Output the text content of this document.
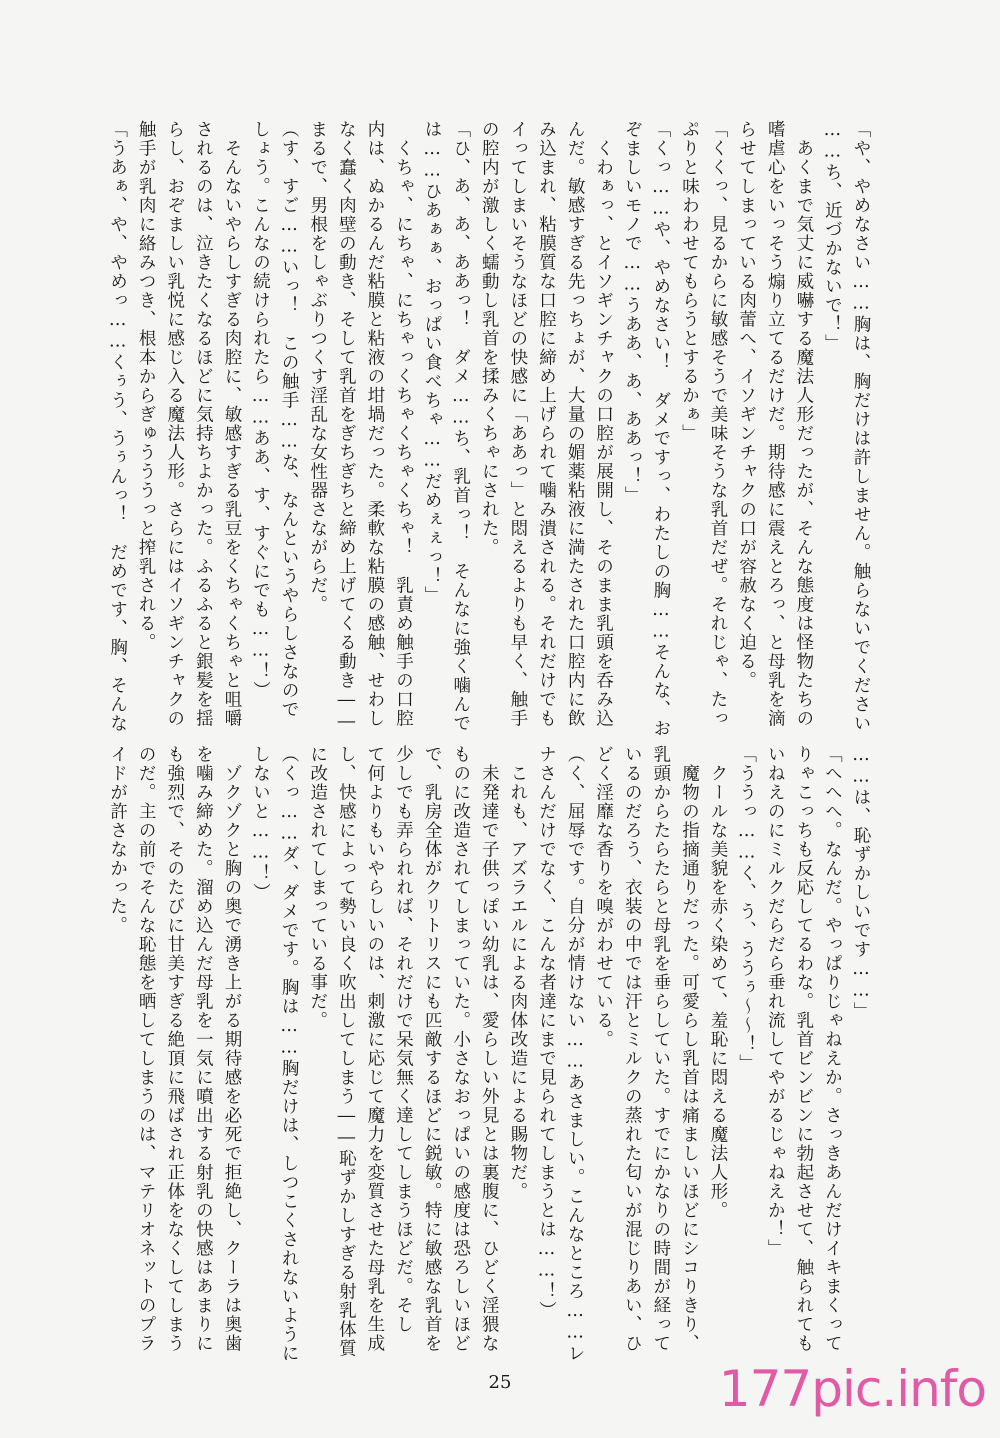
「や、やめなさい……胸は、胸だけは許しません。触らないでください

……ち、近づかないで！」

　あくまで気丈に威嚇する魔法人形だったが、そんな態度は怪物たちの

嗜虐心をいっそう煽り立てるだけだ。期待感に震えとろっ、と母乳を滴

らせてしまっている肉蕾へ、イソギンチャクの口が容赦なく迫る。

「くくっ、見るからに敏感そうで美味そうな乳首だぜ。それじゃ、たっ

ぷりと味わわせてもらうとするかぁ」

「くっ……や、やめなさい！　ダメですっ、わたしの胸……そんな、お

ぞましいモノで……うああ、あ、ああっ！」

　くわぁっ、とイソギンチャクの口腔が展開し、そのまま乳頭を呑み込

んだ。敏感すぎる先っちょが、大量の媚薬粘液に満たされた口腔内に飲

み込まれ、粘膜質な口腔に締め上げられて噛み潰される。それだけでも

イってしまいそうなほどの快感に「ああっ」と悶えるよりも早く、触手

の腔内が激しく蠕動し乳首を揉みくちゃにされた。

「ひ、あ、あ、ああっ！　ダメ……ち、乳首っ！　そんなに強く噛んで

は……ひあぁぁ、おっぱい食べちゃ……だめぇぇっ！」

　くちゃ、にちゃ、にちゃっくちゃくちゃくちゃ！　乳責め触手の口腔

内は、ぬかるんだ粘膜と粘液の坩堝だった。柔軟な粘膜の感触、せわし

なく蠢く肉壁の動き、そして乳首をぎちぎちと締め上げてくる動き――

まるで、男根をしゃぶりつくす淫乱な女性器さながらだ。

（す、すご……いっ！　この触手……な、なんというやらしさなので

しょう。こんなの続けられたら……ああ、す、すぐにでも……！）

　そんないやらしすぎる肉腔に、敏感すぎる乳豆をくちゃくちゃと咀嚼

されるのは、泣きたくなるほどに気持ちよかった。ふるふると銀髪を揺

らし、おぞましい乳悦に感じ入る魔法人形。さらにはイソギンチャクの

触手が乳肉に絡みつき、根本からぎゅうううっと搾乳される。

「うあぁ、や、やめっ……くぅう、うぅんっ！　だめです、胸、そんな

……は、恥ずかしいです……」

「へへへ。なんだ。やっぱりじゃねえか。さっきあんだけイキまくって

りゃこっちも反応してるわな。乳首ビンビンに勃起させて、触られても

いねえのにミルクだらだら垂れ流してやがるじゃねえか！」

「ううっ……く、う、ううぅ～～！」

　クールな美貌を赤く染めて、羞恥に悶える魔法人形。

　魔物の指摘通りだった。可愛らし乳首は痛ましいほどにシコりきり、

乳頭からたらたらと母乳を垂らしていた。すでにかなりの時間が経って

いるのだろう、衣装の中では汗とミルクの蒸れた匂いが混じりあい、ひ

どく淫靡な香りを嗅がわせている。

（く、屈辱です。自分が情けない……あさましい。こんなところ……レ

ナさんだけでなく、こんな者達にまで見られてしまうとは……！）

　これも、アズラエルによる肉体改造による賜物だ。

　未発達で子供っぽい幼乳は、愛らしい外見とは裏腹に、ひどく淫猥な

ものに改造されてしまっていた。小さなおっぱいの感度は恐ろしいほど

で、乳房全体がクリトリスにも匹敵するほどに鋭敏。特に敏感な乳首を

少しでも弄られれば、それだけで呆気無く達してしまうほどだ。そし

て何よりもいやらしいのは、刺激に応じて魔力を変質させた母乳を生成

し、快感によって勢い良く吹出してしまう――恥ずかしすぎる射乳体質

に改造されてしまっている事だ。

（くっ……ダ、ダメです。胸は……胸だけは、しつこくされないように

しないと……！）

　ゾクゾクと胸の奥で湧き上がる期待感を必死で拒絶し、クーラは奥歯

を噛み締めた。溜め込んだ母乳を一気に噴出する射乳の快感はあまりに

も強烈で、そのたびに甘美すぎる絶頂に飛ばされ正体をなくしてしまう

のだ。主の前でそんな恥態を晒してしまうのは、マテリオネットのプラ

イドが許さなかった。

25	177pic.info
